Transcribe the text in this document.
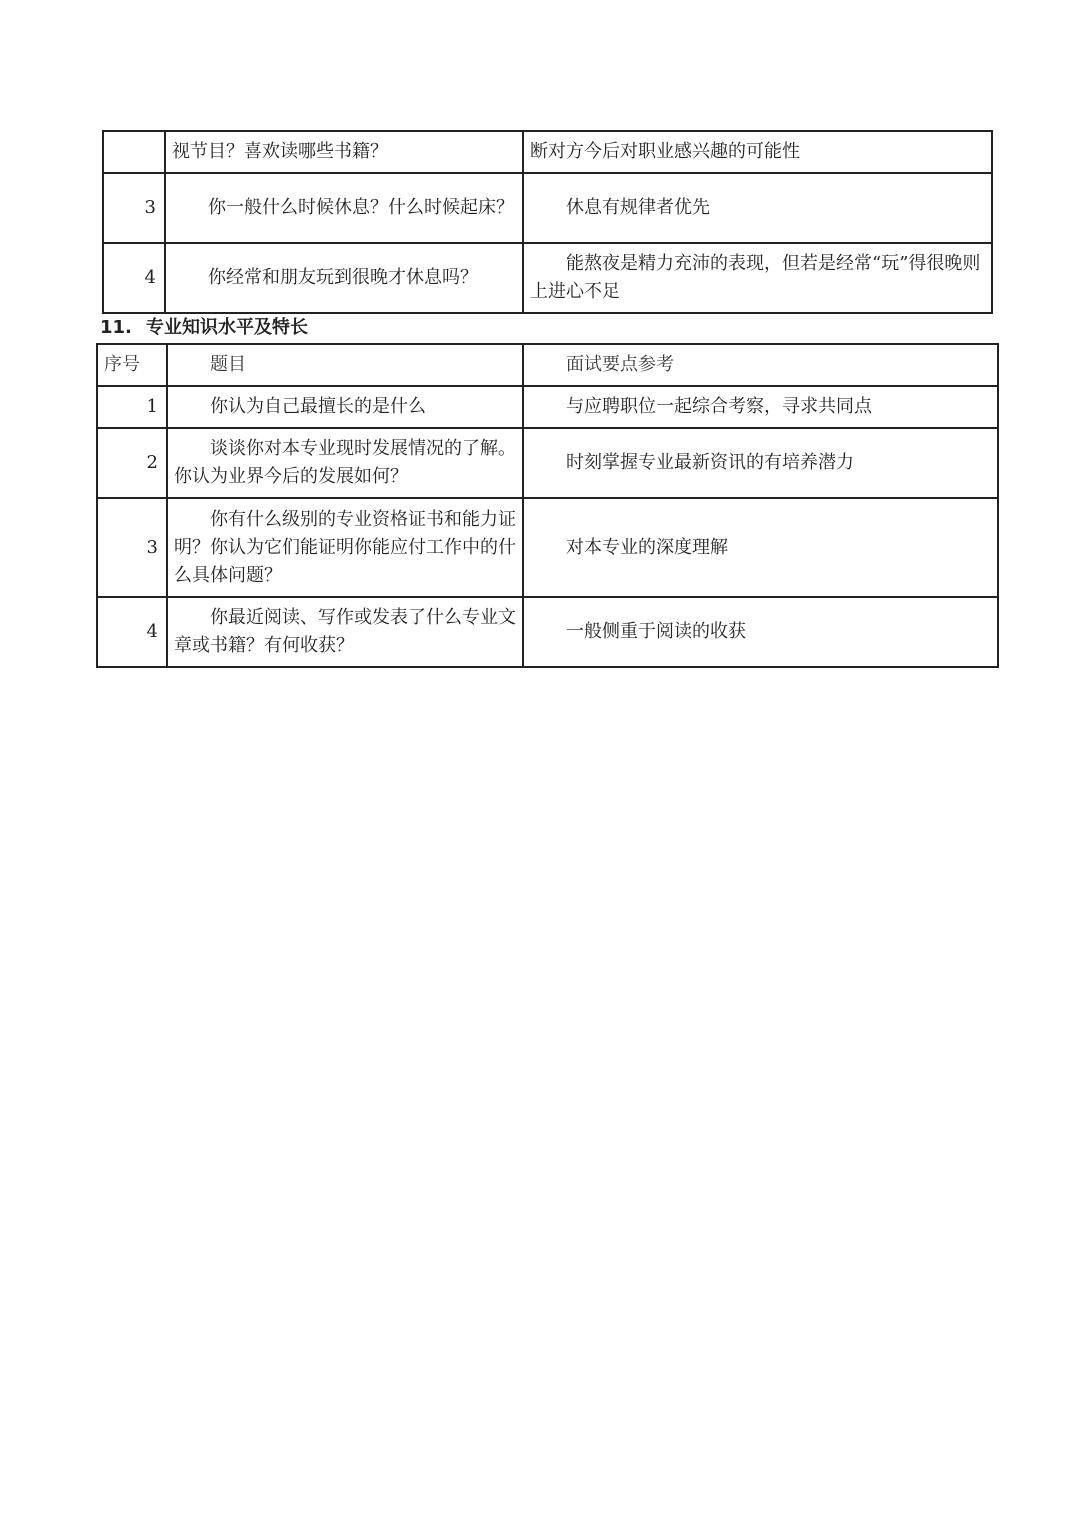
	视节目？喜欢读哪些书籍？	断对方今后对职业感兴趣的可能性
3	你一般什么时候休息？什么时候起床？	休息有规律者优先
4	你经常和朋友玩到很晚才休息吗？	能熬夜是精力充沛的表现，但若是经常“玩”得很晚则上进心不足
11. 专业知识水平及特长
序号	题目	面试要点参考
1	你认为自己最擅长的是什么	与应聘职位一起综合考察，寻求共同点
2	谈谈你对本专业现时发展情况的了解。你认为业界今后的发展如何？	时刻掌握专业最新资讯的有培养潜力
3	你有什么级别的专业资格证书和能力证明？你认为它们能证明你能应付工作中的什么具体问题？	对本专业的深度理解
4	你最近阅读、写作或发表了什么专业文章或书籍？有何收获？	一般侧重于阅读的收获
